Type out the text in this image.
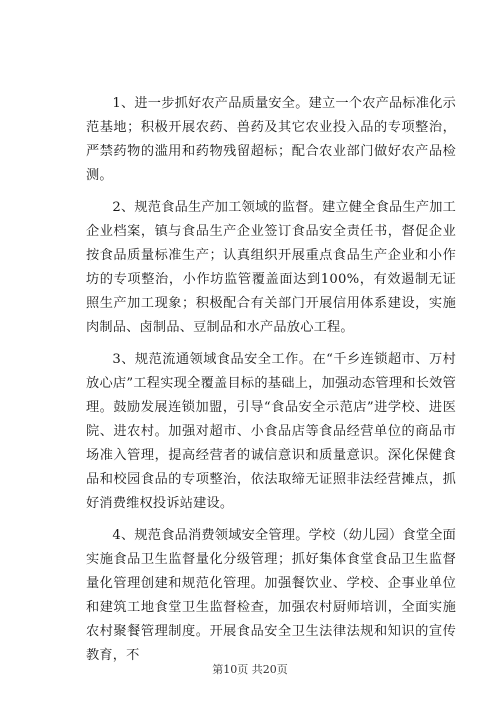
1、进一步抓好农产品质量安全。建立一个农产品标准化示范基地；积极开展农药、兽药及其它农业投入品的专项整治，严禁药物的滥用和药物残留超标；配合农业部门做好农产品检测。

2、规范食品生产加工领域的监督。建立健全食品生产加工企业档案，镇与食品生产企业签订食品安全责任书，督促企业按食品质量标准生产；认真组织开展重点食品生产企业和小作坊的专项整治，小作坊监管覆盖面达到100%，有效遏制无证照生产加工现象；积极配合有关部门开展信用体系建设，实施肉制品、卤制品、豆制品和水产品放心工程。

3、规范流通领域食品安全工作。在“千乡连锁超市、万村放心店”工程实现全覆盖目标的基础上，加强动态管理和长效管理。鼓励发展连锁加盟，引导“食品安全示范店”进学校、进医院、进农村。加强对超市、小食品店等食品经营单位的商品市场准入管理，提高经营者的诚信意识和质量意识。深化保健食品和校园食品的专项整治，依法取缔无证照非法经营摊点，抓好消费维权投诉站建设。

4、规范食品消费领域安全管理。学校（幼儿园）食堂全面实施食品卫生监督量化分级管理；抓好集体食堂食品卫生监督量化管理创建和规范化管理。加强餐饮业、学校、企事业单位和建筑工地食堂卫生监督检查，加强农村厨师培训，全面实施农村聚餐管理制度。开展食品安全卫生法律法规和知识的宣传教育，不

第10页 共20页
